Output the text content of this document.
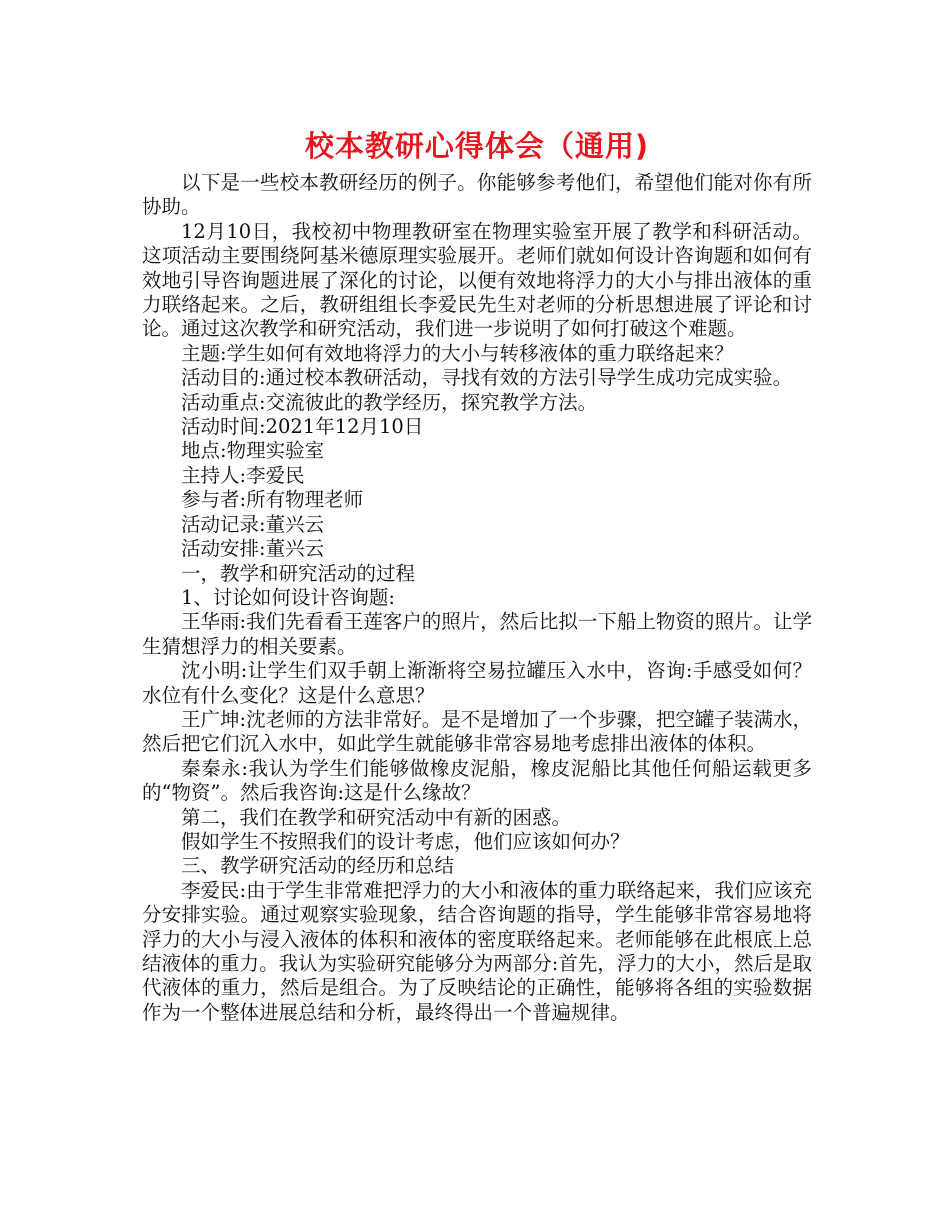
校本教研心得体会（通用)

以下是一些校本教研经历的例子。你能够参考他们，希望他们能对你有所协助。

12月10日，我校初中物理教研室在物理实验室开展了教学和科研活动。这项活动主要围绕阿基米德原理实验展开。老师们就如何设计咨询题和如何有效地引导咨询题进展了深化的讨论，以便有效地将浮力的大小与排出液体的重力联络起来。之后，教研组组长李爱民先生对老师的分析思想进展了评论和讨论。通过这次教学和研究活动，我们进一步说明了如何打破这个难题。

主题:学生如何有效地将浮力的大小与转移液体的重力联络起来？

活动目的:通过校本教研活动，寻找有效的方法引导学生成功完成实验。

活动重点:交流彼此的教学经历，探究教学方法。

活动时间:2021年12月10日

地点:物理实验室

主持人:李爱民

参与者:所有物理老师

活动记录:董兴云

活动安排:董兴云

一，教学和研究活动的过程

1、讨论如何设计咨询题:

王华雨:我们先看看王莲客户的照片，然后比拟一下船上物资的照片。让学生猜想浮力的相关要素。

沈小明:让学生们双手朝上渐渐将空易拉罐压入水中，咨询:手感受如何？水位有什么变化？这是什么意思？

王广坤:沈老师的方法非常好。是不是增加了一个步骤，把空罐子装满水，然后把它们沉入水中，如此学生就能够非常容易地考虑排出液体的体积。

秦秦永:我认为学生们能够做橡皮泥船，橡皮泥船比其他任何船运载更多的“物资”。然后我咨询:这是什么缘故？

第二，我们在教学和研究活动中有新的困惑。

假如学生不按照我们的设计考虑，他们应该如何办？

三、教学研究活动的经历和总结

李爱民:由于学生非常难把浮力的大小和液体的重力联络起来，我们应该充分安排实验。通过观察实验现象，结合咨询题的指导，学生能够非常容易地将浮力的大小与浸入液体的体积和液体的密度联络起来。老师能够在此根底上总结液体的重力。我认为实验研究能够分为两部分:首先，浮力的大小，然后是取代液体的重力，然后是组合。为了反映结论的正确性，能够将各组的实验数据作为一个整体进展总结和分析，最终得出一个普遍规律。
